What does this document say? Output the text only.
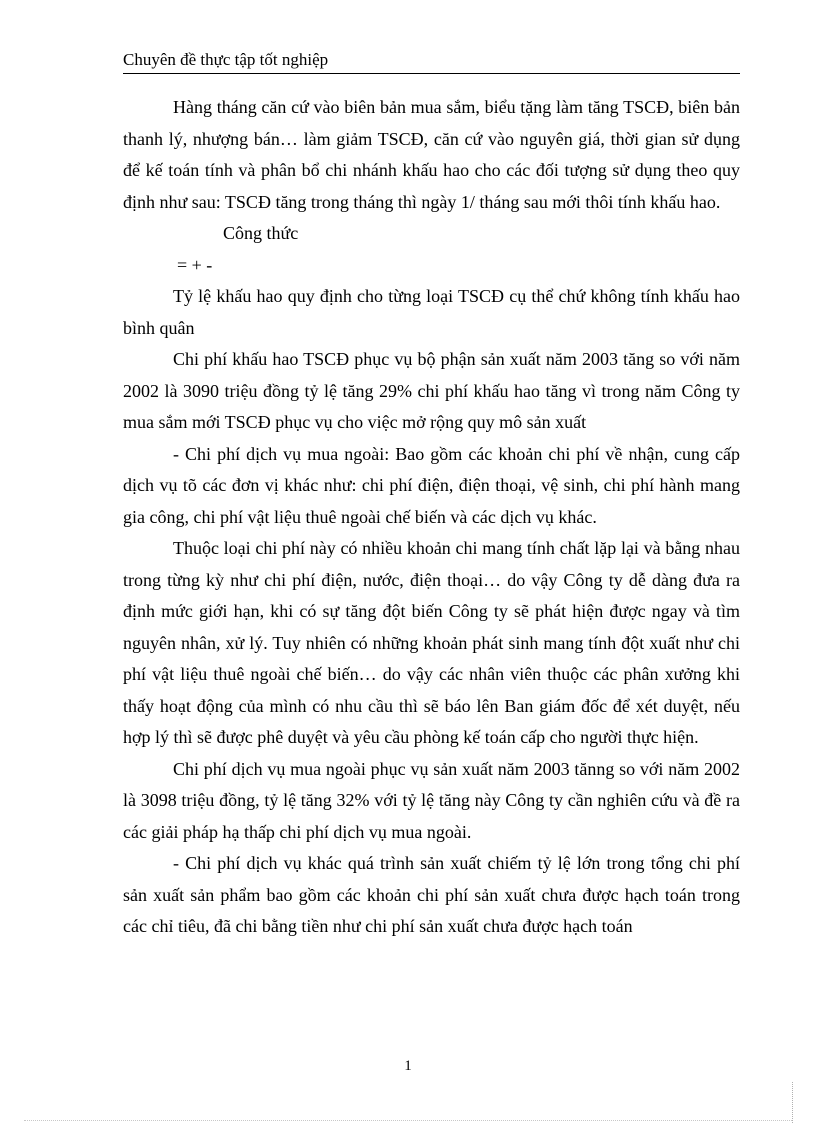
Chuyên đề thực tập tốt nghiệp

Hàng tháng căn cứ vào biên bản mua sắm, biểu tặng làm tăng TSCĐ, biên bản thanh lý, nhượng bán… làm giảm TSCĐ, căn cứ vào nguyên giá, thời gian sử dụng để kế toán tính và phân bổ chi nhánh khấu hao cho các đối tượng sử dụng theo quy định như sau: TSCĐ tăng trong tháng thì ngày 1/ tháng sau mới thôi tính khấu hao.

Công thức

= + -

Tỷ lệ khấu hao quy định cho từng loại TSCĐ cụ thể chứ không tính khấu hao bình quân

Chi phí khấu hao TSCĐ phục vụ bộ phận sản xuất năm 2003 tăng so với năm 2002 là 3090 triệu đồng tỷ lệ tăng 29% chi phí khấu hao tăng vì trong năm Công ty mua sắm mới TSCĐ phục vụ cho việc mở rộng quy mô sản xuất

- Chi phí dịch vụ mua ngoài: Bao gồm các khoản chi phí về nhận, cung cấp dịch vụ tõ các đơn vị khác như: chi phí điện, điện thoại, vệ sinh, chi phí hành mang gia công, chi phí vật liệu thuê ngoài chế biến và các dịch vụ khác.

Thuộc loại chi phí này có nhiều khoản chi mang tính chất lặp lại và bằng nhau trong từng kỳ như chi phí điện, nước, điện thoại… do vậy Công ty dễ dàng đưa ra định mức giới hạn, khi có sự tăng đột biến Công ty sẽ phát hiện được ngay và tìm nguyên nhân, xử lý. Tuy nhiên có những khoản phát sinh mang tính đột xuất như chi phí vật liệu thuê ngoài chế biến… do vậy các nhân viên thuộc các phân xưởng khi thấy hoạt động của mình có nhu cầu thì sẽ báo lên Ban giám đốc để xét duyệt, nếu hợp lý thì sẽ được phê duyệt và yêu cầu phòng kế toán cấp cho người thực hiện.

Chi phí dịch vụ mua ngoài phục vụ sản xuất năm 2003 tănng so với năm 2002 là 3098 triệu đồng, tỷ lệ tăng 32% với tỷ lệ tăng này Công ty cần nghiên cứu và đề ra các giải pháp hạ thấp chi phí dịch vụ mua ngoài.

- Chi phí dịch vụ khác quá trình sản xuất chiếm tỷ lệ lớn trong tổng chi phí sản xuất sản phẩm bao gồm các khoản chi phí sản xuất chưa được hạch toán trong các chỉ tiêu, đã chi bằng tiền như chi phí sản xuất chưa được hạch toán

1
